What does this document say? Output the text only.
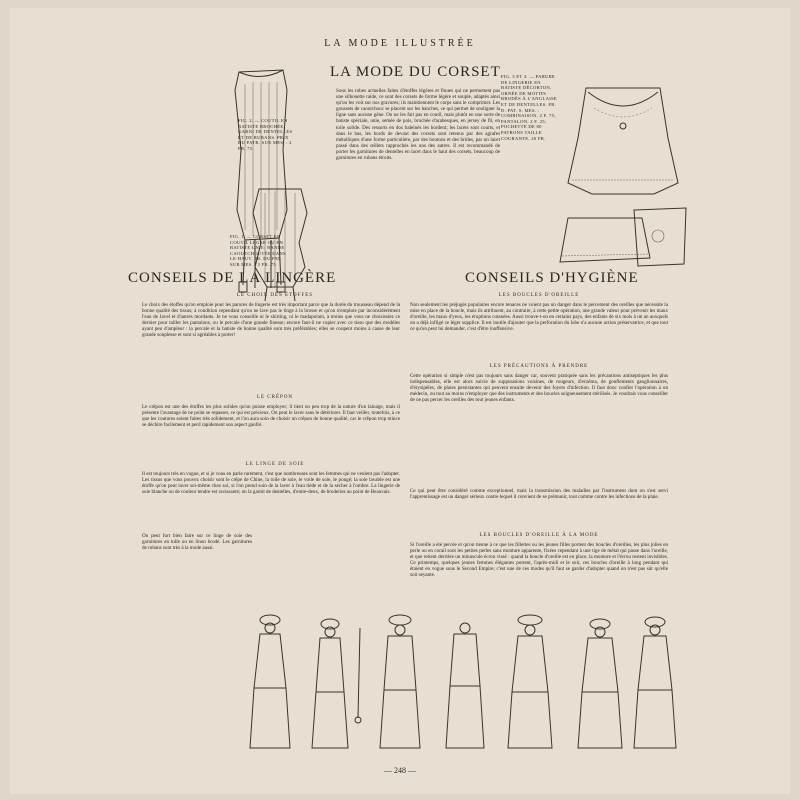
LA MODE ILLUSTRÉE
FIG. 2. — COUTIL EN BATISTE BROCHÉE, GARNI DE DENTELLES ET DE RUBANS. PRIX DU PATR. SUR MES. : 2 FR. 75.
FIG. 1. — CORSET EN COUTIL LÉGER OU EN BATISTE UNIE; BANDE CAOUTCHOUTÉE DANS LE HAUT. PR. DU PAT. SUR MES. : 3 FR. 75.
LA MODE DU CORSET
Sous les robes actuelles faites d'étoffes légères et floues qui ne permettent pas une silhouette raide, ce sont des corsets de forme légère et souple, adaptés ainsi qu'on les voit sur nos gravures; ils maintiennent le corps sans le comprimer. Les goussets de caoutchouc se placent sur les hanches, ce qui permet de souligner la ligne sans aucune gêne. On ne les fait pas en coutil, mais plutôt en une sorte de batiste spéciale, unie, semée de pois, brochée d'arabesques, en jersey de fil, en toile solide. Des ressorts en dos baleinés les bordent; les lacets sont courts, et dans le bas, les bords de devant des corsets sont retenus par des agrafes métalliques d'une forme particulière, par des boutons et des brides, par un lacet passé dans des œillets rapprochés les uns des autres. Il est recommandé de porter les garnitures de dentelles en lacet dans le haut des corsets, beaucoup de garnitures en rubans étroits.
FIG. 3 ET 4. — PARURE DE LINGERIE EN BATISTE DÉCORTON, ORNÉE DE MOTIFS BRODÉS À L'ANGLAISE ET DE DENTELLES. PR. D. PAT. S. MES. : COMBINAISON, 2 F. 75; PANTALON, 2 F. 25; POCHETTE DE 80 PATRONS TAILLE COURANTE, 20 FR.
CONSEILS DE LA LINGÈRE
LE CHOIX DES ÉTOFFES
Le choix des étoffes qu'on emploie pour les parures de lingerie est très important parce que la durée du trousseau dépend de la bonne qualité des tissus; à condition cependant qu'on ne lave pas le linge à la brosse et qu'on n'emploie par inconsidérément l'eau de Javel et d'autres mordants. Je ne vous conseille ni le shirting, ni le madapolam, à moins que vous ne choisissiez ce dernier pour tailler les pantalons, ou le percale d'une grande finesse; encore faut-il ne copier avec ce tissu que des modèles ayant peu d'ampleur : la percale et la batiste de bonne qualité sont très préférables; elles se coupent moins à cause de leur grande souplesse et sont si agréables à porter!
LE CRÊPON
Le crêpon est une des étoffes les plus solides qu'on puisse employer; il tient un peu trop de la nature d'un lainage, mais il présente l'avantage de ne point se repasser, ce qui est précieux. On peut le laver sans le détériorer. Il faut veiller, toutefois, à ce que les coutures soient faites très solidement, et l'on aura soin de choisir un crêpon de bonne qualité, car le crêpon trop mince se déchire facilement et perd rapidement son aspect gaufré.
LE LINGE DE SOIE
Il est toujours très en vogue, et si je vous en parle rarement, c'est que nombreuses sont les femmes qui ne veulent pas l'adopter. Les tissus que vous pouvez choisir sont le crêpe de Chine, la toile de soie, le voile de soie, le pongé; la soie lavable est une étoffe qu'on peut laver soi-même chez soi, si l'on prend soin de la laver à l'eau tiède et de la sécher à l'ombre. La lingerie de soie blanche ou de couleur tendre est ravissante; on la garnit de dentelles, d'entre-deux, de broderies au point de Beauvais.
On peut fort bien faire sur ce linge de soie des garnitures en tulle ou en linon brodé. Les garnitures de rubans sont très à la mode aussi.
CONSEILS D'HYGIÈNE
LES BOUCLES D'OREILLE
Non seulement les préjugés populaires encore tenaces ne voient pas un danger dans le percement des oreilles que nécessite la mise en place de la boucle, mais ils attribuent, au contraire, à cette petite opération, une grande valeur pour prévenir les maux d'oreille, les maux d'yeux, les éruptions cutanées. Aussi trouve-t-on en certains pays, des enfants de six mois à un an auxquels on a déjà infligé ce léger supplice. Il est inutile d'ajouter que la perforation du lobe n'a aucune action préservatrice, et que tout ce qu'on peut lui demander, c'est d'être inoffensive.
LES PRÉCAUTIONS À PRENDRE
Cette opération si simple n'est pas toujours sans danger car, souvent pratiquée sans les précautions antiseptiques les plus indispensables, elle est alors suivie de suppurations voisines, de rougeurs, d'eczéma, de gonflements ganglionnaires, d'érysipèles, de plaies persistantes qui peuvent ensuite devenir des foyers d'infection. Il faut donc confier l'opération à un médecin, ou tout au moins n'employer que des instruments et des boucles soigneusement stérilisés. Je voudrais vous conseiller de ne pas percer les oreilles des tout jeunes enfants.
Ce qui peut être considéré comme exceptionnel, mais la transmission des maladies par l'instrument dont on s'est servi l'apprentissage est un danger sérieux contre lequel il convient de se prémunir, tout comme contre les infections de la plaie.
LES BOUCLES D'OREILLE À LA MODE
Si l'oreille a été percée et qu'on tienne à ce que les fillettes ou les jeunes filles portent des boucles d'oreilles, les plus jolies en perle ou en corail sont les petites perles sans monture apparente, fixées cependant à une tige de métal qui passe dans l'oreille, et que retient derrière un minuscule écrou vissé : quand la boucle d'oreille est en place, la monture et l'écrou restent invisibles. Ce printemps, quelques jeunes femmes élégantes portent, l'après-midi et le soir, ces boucles d'oreille à long pendant qui étaient en vogue sous le Second Empire; c'est une de ces modes qu'il faut se garder d'adopter quand on n'est pas sûr qu'elle soit seyante.
— 248 —
